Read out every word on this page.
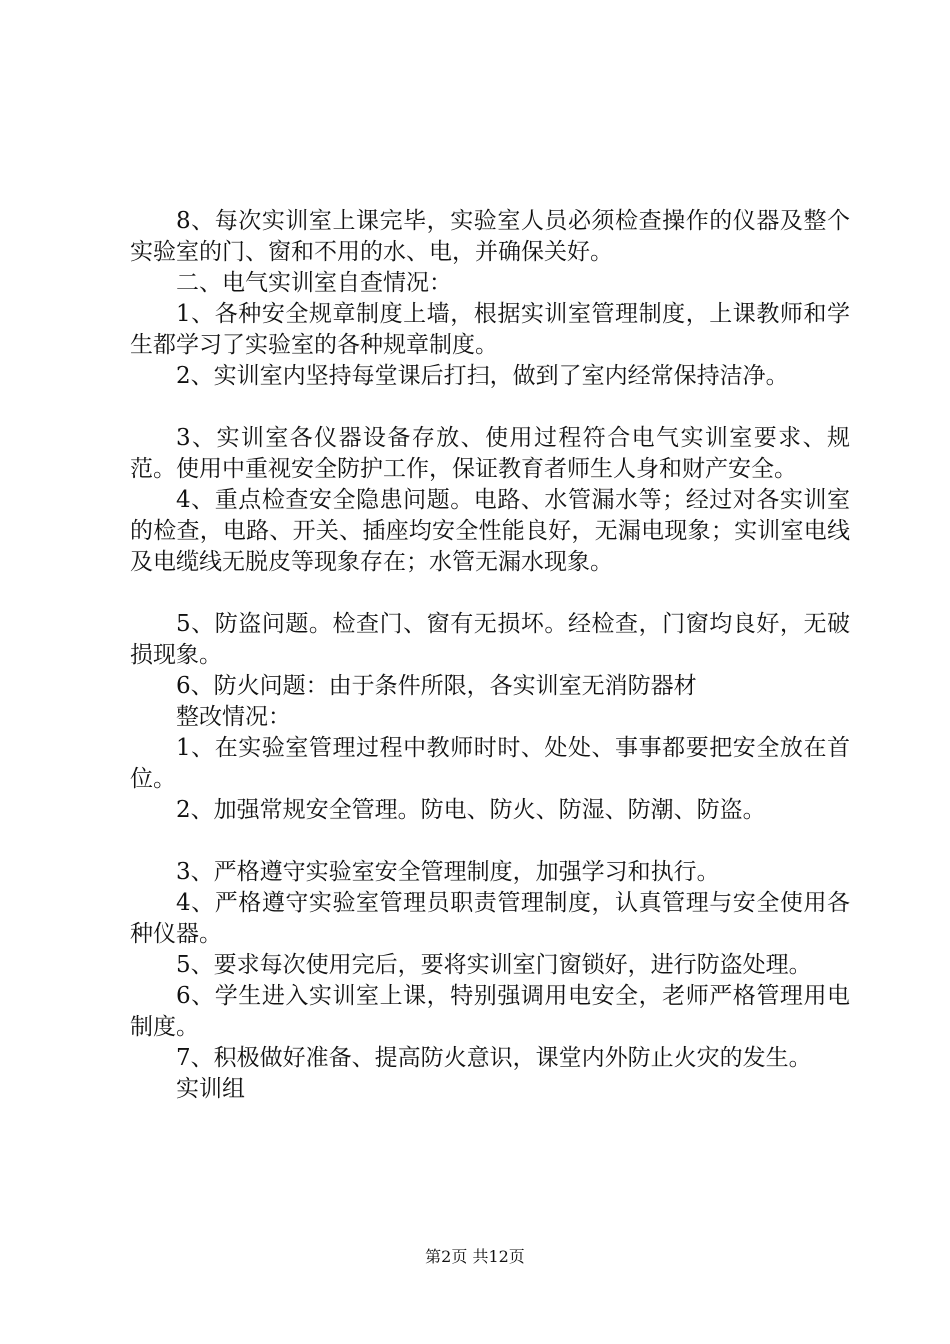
8、每次实训室上课完毕，实验室人员必须检查操作的仪器及整个实验室的门、窗和不用的水、电，并确保关好。

二、电气实训室自查情况：

1、各种安全规章制度上墙，根据实训室管理制度，上课教师和学生都学习了实验室的各种规章制度。

2、实训室内坚持每堂课后打扫，做到了室内经常保持洁净。

3、实训室各仪器设备存放、使用过程符合电气实训室要求、规范。使用中重视安全防护工作，保证教育者师生人身和财产安全。

4、重点检查安全隐患问题。电路、水管漏水等；经过对各实训室的检查，电路、开关、插座均安全性能良好，无漏电现象；实训室电线及电缆线无脱皮等现象存在；水管无漏水现象。

5、防盗问题。检查门、窗有无损坏。经检查，门窗均良好，无破损现象。

6、防火问题：由于条件所限，各实训室无消防器材

整改情况：

1、在实验室管理过程中教师时时、处处、事事都要把安全放在首位。

2、加强常规安全管理。防电、防火、防湿、防潮、防盗。

3、严格遵守实验室安全管理制度，加强学习和执行。

4、严格遵守实验室管理员职责管理制度，认真管理与安全使用各种仪器。

5、要求每次使用完后，要将实训室门窗锁好，进行防盗处理。

6、学生进入实训室上课，特别强调用电安全，老师严格管理用电制度。

7、积极做好准备、提高防火意识，课堂内外防止火灾的发生。

实训组

第2页 共12页
